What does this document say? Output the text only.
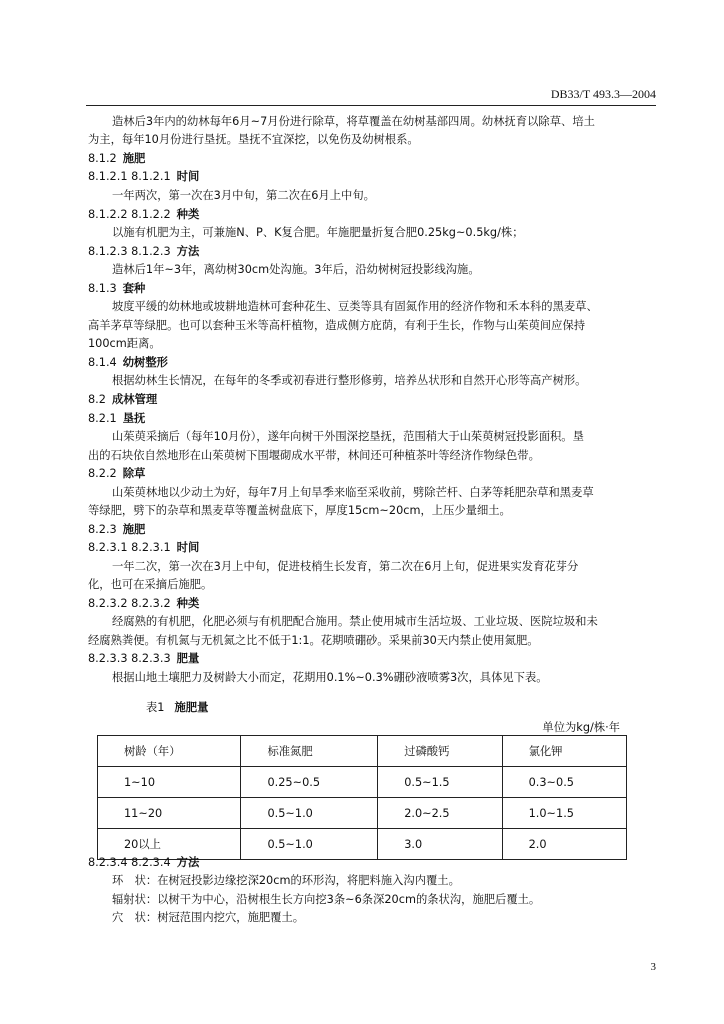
DB33/T 493.3—2004
造林后3年内的幼林每年6月~7月份进行除草，将草覆盖在幼树基部四周。幼林抚育以除草、培土
为主，每年10月份进行垦抚。垦抚不宜深挖，以免伤及幼树根系。
8.1.2 施肥
8.1.2.1 8.1.2.1 时间
一年两次，第一次在3月中旬，第二次在6月上中旬。
8.1.2.2 8.1.2.2 种类
以施有机肥为主，可兼施N、P、K复合肥。年施肥量折复合肥0.25kg~0.5kg/株；
8.1.2.3 8.1.2.3 方法
造林后1年~3年，离幼树30cm处沟施。3年后，沿幼树树冠投影线沟施。
8.1.3 套种
坡度平缓的幼林地或坡耕地造林可套种花生、豆类等具有固氮作用的经济作物和禾本科的黑麦草、
高羊茅草等绿肥。也可以套种玉米等高杆植物，造成侧方庇荫，有利于生长，作物与山茱萸间应保持
100cm距离。
8.1.4 幼树整形
根据幼林生长情况，在每年的冬季或初春进行整形修剪，培养丛状形和自然开心形等高产树形。
8.2 成林管理
8.2.1 垦抚
山茱萸采摘后（每年10月份），遂年向树干外围深挖垦抚，范围稍大于山茱萸树冠投影面积。垦
出的石块依自然地形在山茱萸树下围堰砌成水平带，林间还可种植茶叶等经济作物绿色带。
8.2.2 除草
山茱萸林地以少动土为好，每年7月上旬旱季来临至采收前，劈除芒杆、白茅等耗肥杂草和黑麦草
等绿肥，劈下的杂草和黑麦草等覆盖树盘底下，厚度15cm~20cm，上压少量细土。
8.2.3 施肥
8.2.3.1 8.2.3.1 时间
一年二次，第一次在3月上中旬，促进枝梢生长发育，第二次在6月上旬，促进果实发育花芽分
化，也可在采摘后施肥。
8.2.3.2 8.2.3.2 种类
经腐熟的有机肥，化肥必须与有机肥配合施用。禁止使用城市生活垃圾、工业垃圾、医院垃圾和未
经腐熟粪便。有机氮与无机氮之比不低于1:1。花期喷硼砂。采果前30天内禁止使用氮肥。
8.2.3.3 8.2.3.3 肥量
根据山地土壤肥力及树龄大小而定，花期用0.1%~0.3%硼砂液喷雾3次，具体见下表。
表1 施肥量
单位为kg/株·年
树龄（年）	标准氮肥	过磷酸钙	氯化钾
1~10	0.25~0.5	0.5~1.5	0.3~0.5
11~20	0.5~1.0	2.0~2.5	1.0~1.5
20以上	0.5~1.0	3.0	2.0
8.2.3.4 8.2.3.4 方法
环　状：在树冠投影边缘挖深20cm的环形沟，将肥料施入沟内覆土。
辐射状：以树干为中心，沿树根生长方向挖3条~6条深20cm的条状沟，施肥后覆土。
穴　状：树冠范围内挖穴，施肥覆土。
3
